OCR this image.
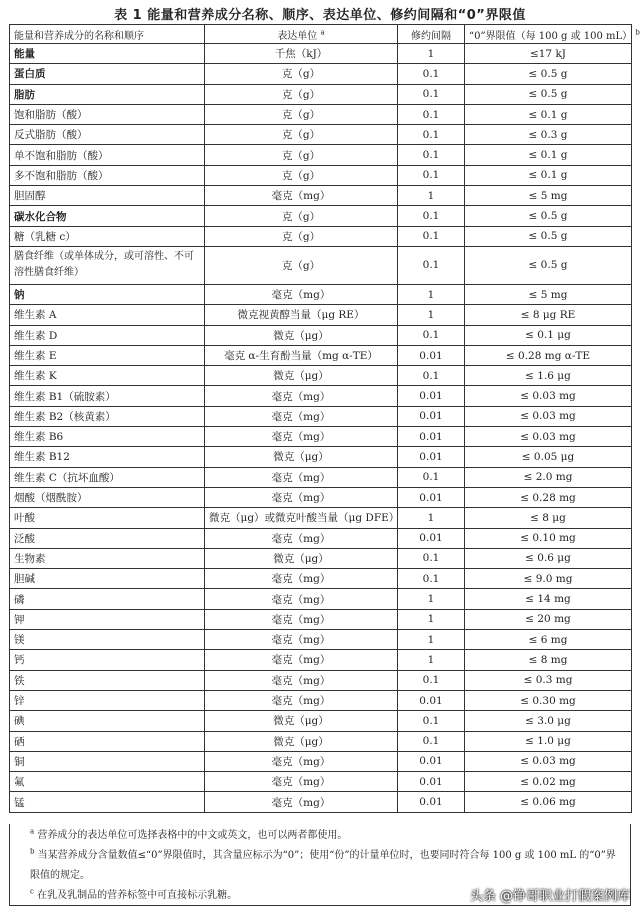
表 1 能量和营养成分名称、顺序、表达单位、修约间隔和“0”界限值
能量和营养成分的名称和顺序	表达单位 $^a$	修约间隔	“0”界限值（每 100 g 或 100 mL） $^b$
能量	千焦（kJ）	1	≤17 kJ
蛋白质	克（g）	0.1	≤ 0.5 g
脂肪	克（g）	0.1	≤ 0.5 g
饱和脂肪（酸）	克（g）	0.1	≤ 0.1 g
反式脂肪（酸）	克（g）	0.1	≤ 0.3 g
单不饱和脂肪（酸）	克（g）	0.1	≤ 0.1 g
多不饱和脂肪（酸）	克（g）	0.1	≤ 0.1 g
胆固醇	毫克（mg）	1	≤ 5 mg
碳水化合物	克（g）	0.1	≤ 0.5 g
糖（乳糖 c）	克（g）	0.1	≤ 0.5 g
膳食纤维（或单体成分，或可溶性、不可溶性膳食纤维）	克（g）	0.1	≤ 0.5 g
钠	毫克（mg）	1	≤ 5 mg
维生素 A	微克视黄醇当量（μg RE）	1	≤ 8 μg RE
维生素 D	微克（μg）	0.1	≤ 0.1 μg
维生素 E	毫克 α-生育酚当量（mg α-TE）	0.01	≤ 0.28 mg α-TE
维生素 K	微克（μg）	0.1	≤ 1.6 μg
维生素 B1（硫胺素）	毫克（mg）	0.01	≤ 0.03 mg
维生素 B2（核黄素）	毫克（mg）	0.01	≤ 0.03 mg
维生素 B6	毫克（mg）	0.01	≤ 0.03 mg
维生素 B12	微克（μg）	0.01	≤ 0.05 μg
维生素 C（抗坏血酸）	毫克（mg）	0.1	≤ 2.0 mg
烟酸（烟酰胺）	毫克（mg）	0.01	≤ 0.28 mg
叶酸	微克（μg）或微克叶酸当量（μg DFE）	1	≤ 8 μg
泛酸	毫克（mg）	0.01	≤ 0.10 mg
生物素	微克（μg）	0.1	≤ 0.6 μg
胆碱	毫克（mg）	0.1	≤ 9.0 mg
磷	毫克（mg）	1	≤ 14 mg
钾	毫克（mg）	1	≤ 20 mg
镁	毫克（mg）	1	≤ 6 mg
钙	毫克（mg）	1	≤ 8 mg
铁	毫克（mg）	0.1	≤ 0.3 mg
锌	毫克（mg）	0.01	≤ 0.30 mg
碘	微克（μg）	0.1	≤ 3.0 μg
硒	微克（μg）	0.1	≤ 1.0 μg
铜	毫克（mg）	0.01	≤ 0.03 mg
氟	毫克（mg）	0.01	≤ 0.02 mg
锰	毫克（mg）	0.01	≤ 0.06 mg
$^a$ 营养成分的表达单位可选择表格中的中文或英文，也可以两者都使用。
$^b$ 当某营养成分含量数值≤“0”界限值时，其含量应标示为“0”；使用“份”的计量单位时，也要同时符合每 100 g 或 100 mL 的“0”界限值的规定。
$^c$ 在乳及乳制品的营养标签中可直接标示乳糖。	头条 @铮哥职业打假案例库
